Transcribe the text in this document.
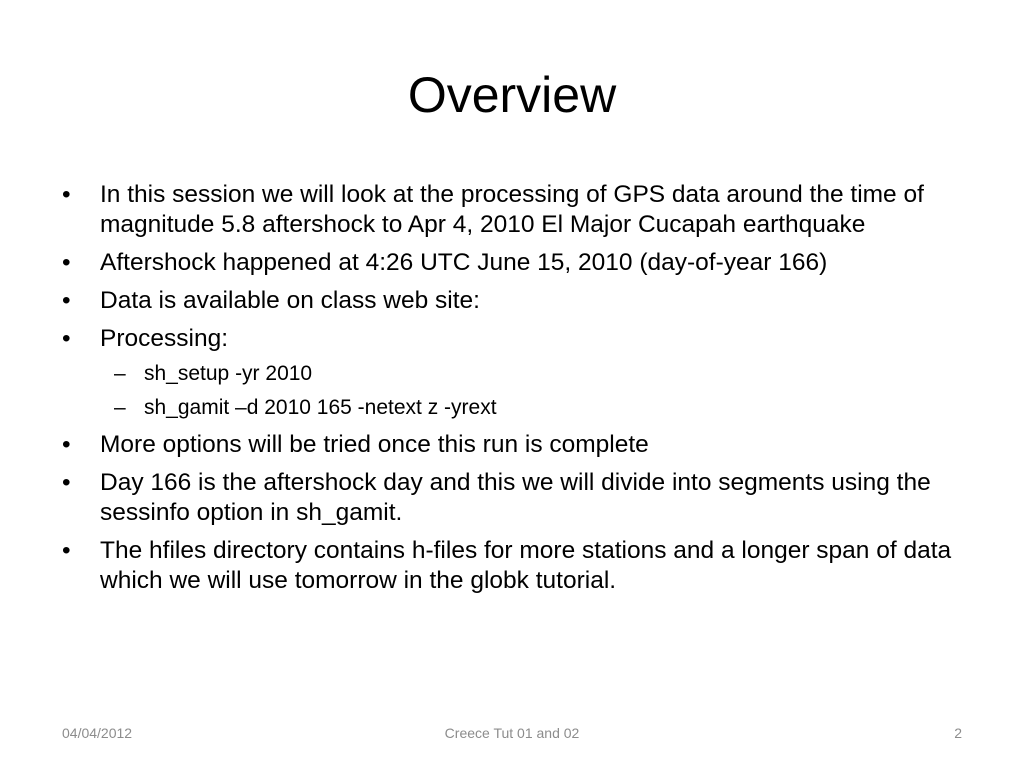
Overview
•	In this session we will look at the processing of GPS data around the time of magnitude 5.8 aftershock to Apr 4, 2010 El Major Cucapah earthquake
•	Aftershock happened at 4:26 UTC June 15, 2010 (day-of-year 166)
•	Data is available on class web site:
•	Processing:
– sh_setup -yr 2010
– sh_gamit –d 2010 165 -netext z -yrext
•	More options will be tried once this run is complete
•	Day 166 is the aftershock day and this we will divide into segments using the sessinfo option in sh_gamit.
•	The hfiles directory contains h-files for more stations and a longer span of data which we will use tomorrow in the globk tutorial.
04/04/2012	Creece Tut 01 and 02	2
